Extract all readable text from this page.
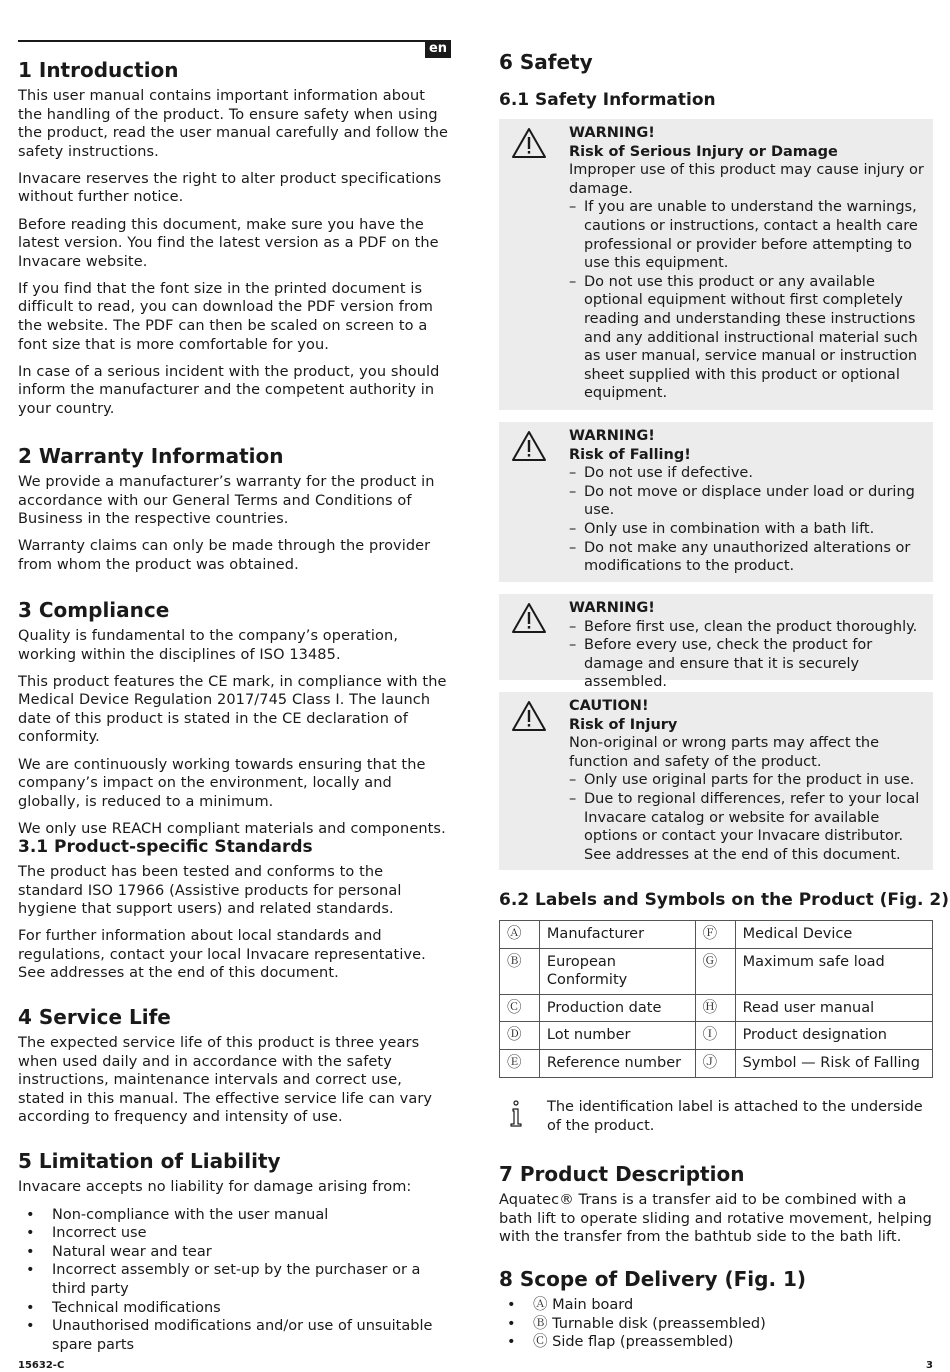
en
1 Introduction

This user manual contains important information about the handling of the product. To ensure safety when using the product, read the user manual carefully and follow the safety instructions.

Invacare reserves the right to alter product specifications without further notice.

Before reading this document, make sure you have the latest version. You find the latest version as a PDF on the Invacare website.

If you find that the font size in the printed document is difficult to read, you can download the PDF version from the website. The PDF can then be scaled on screen to a font size that is more comfortable for you.

In case of a serious incident with the product, you should inform the manufacturer and the competent authority in your country.

2 Warranty Information

We provide a manufacturer’s warranty for the product in accordance with our General Terms and Conditions of Business in the respective countries.

Warranty claims can only be made through the provider from whom the product was obtained.

3 Compliance

Quality is fundamental to the company’s operation, working within the disciplines of ISO 13485.

This product features the CE mark, in compliance with the Medical Device Regulation 2017/745 Class I. The launch date of this product is stated in the CE declaration of conformity.

We are continuously working towards ensuring that the company’s impact on the environment, locally and globally, is reduced to a minimum.

We only use REACH compliant materials and components.

3.1 Product-specific Standards

The product has been tested and conforms to the standard ISO 17966 (Assistive products for personal hygiene that support users) and related standards.

For further information about local standards and regulations, contact your local Invacare representative. See addresses at the end of this document.

4 Service Life

The expected service life of this product is three years when used daily and in accordance with the safety instructions, maintenance intervals and correct use, stated in this manual. The effective service life can vary according to frequency and intensity of use.

5 Limitation of Liability

Invacare accepts no liability for damage arising from:

• Non-compliance with the user manual
• Incorrect use
• Natural wear and tear
• Incorrect assembly or set-up by the purchaser or a third party
• Technical modifications
• Unauthorised modifications and/or use of unsuitable spare parts
6 Safety
6.1 Safety Information
WARNING!
Risk of Serious Injury or Damage
Improper use of this product may cause injury or damage.
– If you are unable to understand the warnings, cautions or instructions, contact a health care professional or provider before attempting to use this equipment.
– Do not use this product or any available optional equipment without first completely reading and understanding these instructions and any additional instructional material such as user manual, service manual or instruction sheet supplied with this product or optional equipment.
WARNING!
Risk of Falling!
– Do not use if defective.
– Do not move or displace under load or during use.
– Only use in combination with a bath lift.
– Do not make any unauthorized alterations or modifications to the product.
WARNING!
– Before first use, clean the product thoroughly.
– Before every use, check the product for damage and ensure that it is securely assembled.
CAUTION!
Risk of Injury
Non-original or wrong parts may affect the function and safety of the product.
– Only use original parts for the product in use.
– Due to regional differences, refer to your local Invacare catalog or website for available options or contact your Invacare distributor. See addresses at the end of this document.
6.2 Labels and Symbols on the Product (Fig. 2)
Ⓐ	Manufacturer	Ⓕ	Medical Device
Ⓑ	European Conformity	Ⓖ	Maximum safe load
Ⓒ	Production date	Ⓗ	Read user manual
Ⓓ	Lot number	Ⓘ	Product designation
Ⓔ	Reference number	Ⓙ	Symbol — Risk of Falling
The identification label is attached to the underside of the product.
7 Product Description

Aquatec® Trans is a transfer aid to be combined with a bath lift to operate sliding and rotative movement, helping with the transfer from the bathtub side to the bath lift.

8 Scope of Delivery (Fig. 1)
• Ⓐ Main board
• Ⓑ Turnable disk (preassembled)
• Ⓒ Side flap (preassembled)
15632-C	3
